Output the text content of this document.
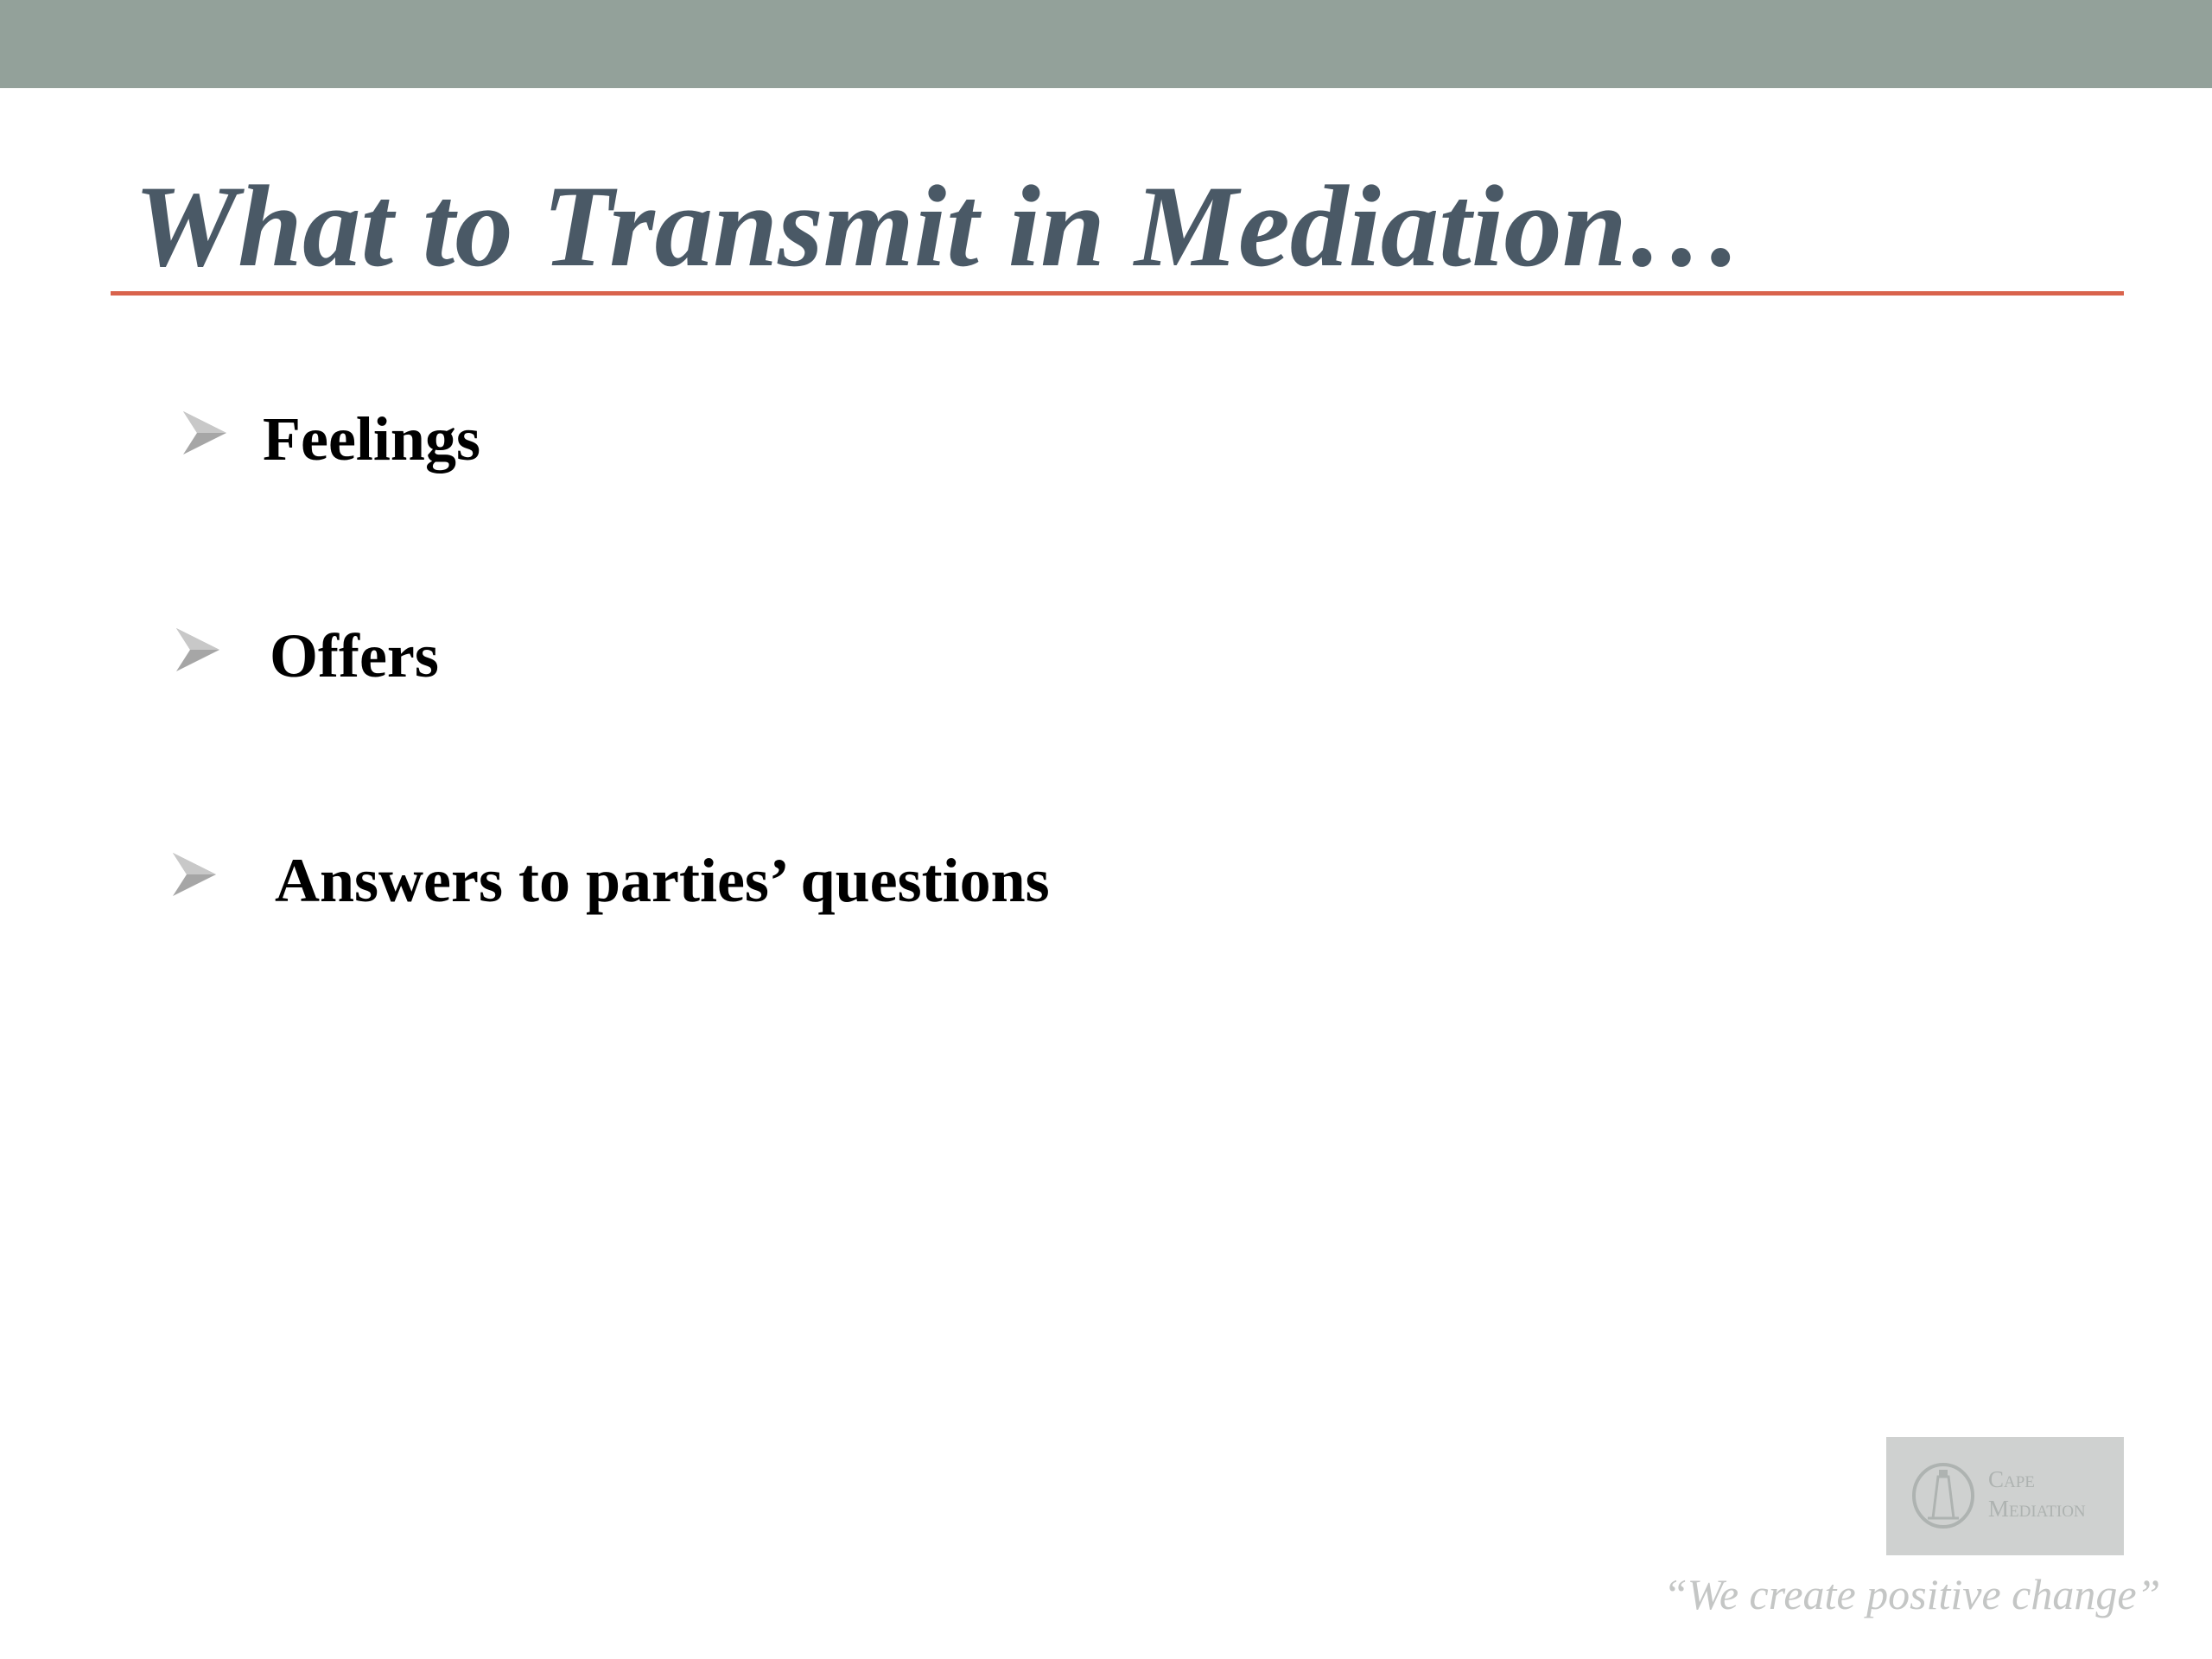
What to Transmit in Mediation…
Feelings
Offers
Answers to parties’ questions
Cape
Mediation
“We create positive change”
